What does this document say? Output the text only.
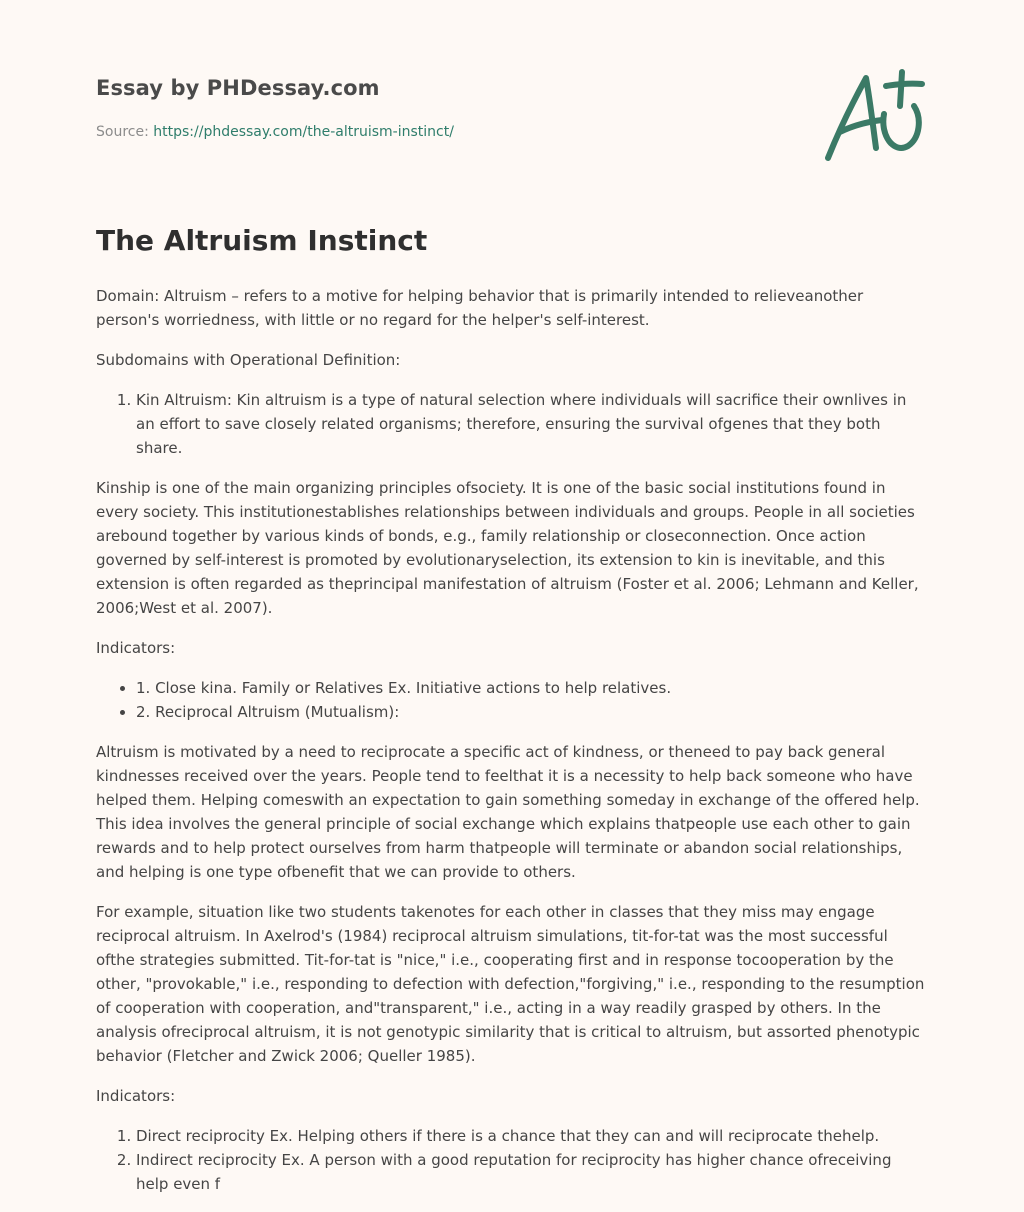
Essay by PHDessay.com

Source: https://phdessay.com/the-altruism-instinct/

The Altruism Instinct

Domain: Altruism – refers to a motive for helping behavior that is primarily intended to relieveanother person's worriedness, with little or no regard for the helper's self-interest.

Subdomains with Operational Definition:

1. Kin Altruism: Kin altruism is a type of natural selection where individuals will sacrifice their ownlives in an effort to save closely related organisms; therefore, ensuring the survival ofgenes that they both share.

Kinship is one of the main organizing principles ofsociety. It is one of the basic social institutions found in every society. This institutionestablishes relationships between individuals and groups. People in all societies arebound together by various kinds of bonds, e.g., family relationship or closeconnection. Once action governed by self-interest is promoted by evolutionaryselection, its extension to kin is inevitable, and this extension is often regarded as theprincipal manifestation of altruism (Foster et al. 2006; Lehmann and Keller, 2006;West et al. 2007).

Indicators:

• 1. Close kina. Family or Relatives Ex. Initiative actions to help relatives.
• 2. Reciprocal Altruism (Mutualism):

Altruism is motivated by a need to reciprocate a specific act of kindness, or theneed to pay back general kindnesses received over the years. People tend to feelthat it is a necessity to help back someone who have helped them. Helping comeswith an expectation to gain something someday in exchange of the offered help. This idea involves the general principle of social exchange which explains thatpeople use each other to gain rewards and to help protect ourselves from harm thatpeople will terminate or abandon social relationships, and helping is one type ofbenefit that we can provide to others.

For example, situation like two students takenotes for each other in classes that they miss may engage reciprocal altruism. In Axelrod's (1984) reciprocal altruism simulations, tit-for-tat was the most successful ofthe strategies submitted. Tit-for-tat is "nice," i.e., cooperating first and in response tocooperation by the other, "provokable," i.e., responding to defection with defection,"forgiving," i.e., responding to the resumption of cooperation with cooperation, and"transparent," i.e., acting in a way readily grasped by others. In the analysis ofreciprocal altruism, it is not genotypic similarity that is critical to altruism, but assorted phenotypic behavior (Fletcher and Zwick 2006; Queller 1985).

Indicators:

1. Direct reciprocity Ex. Helping others if there is a chance that they can and will reciprocate thehelp.
2. Indirect reciprocity Ex. A person with a good reputation for reciprocity has higher chance ofreceiving help even f
